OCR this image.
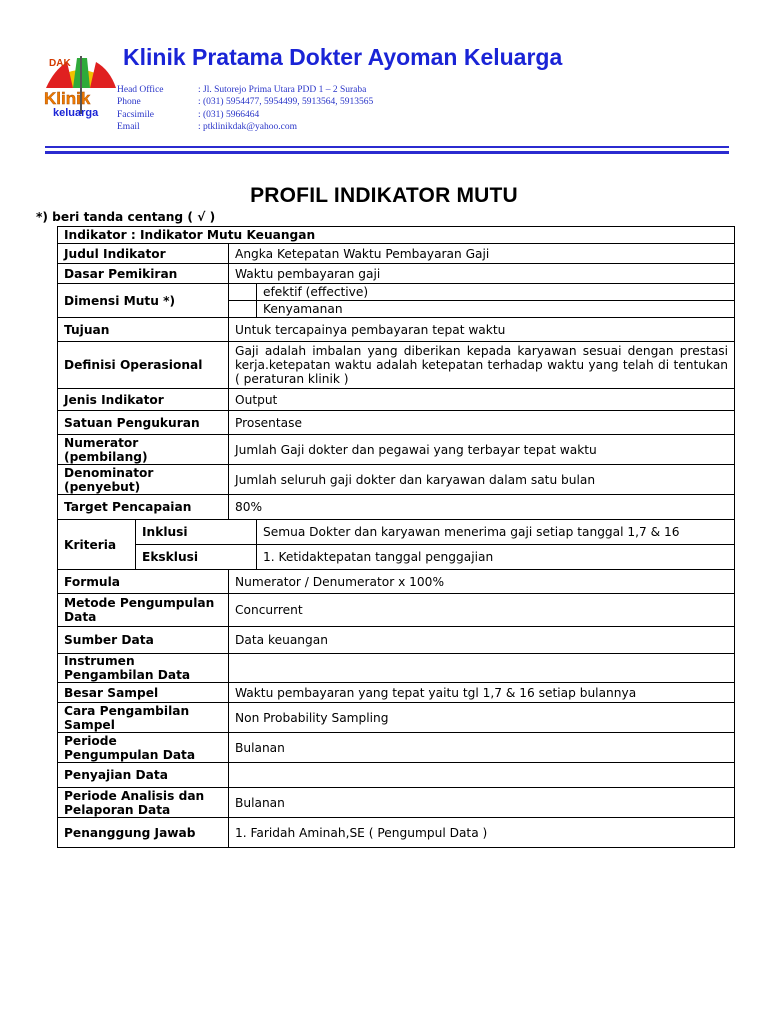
DAK
Klinik
keluarga
Klinik Pratama Dokter Ayoman Keluarga
Head Office	: Jl. Sutorejo Prima Utara PDD 1 – 2 Suraba
Phone	: (031) 5954477, 5954499, 5913564, 5913565
Facsimile	: (031) 5966464
Email	: ptklinikdak@yahoo.com
PROFIL INDIKATOR MUTU
*) beri tanda centang ( √ )
Indikator : Indikator Mutu Keuangan			
Judul Indikator		Angka Ketepatan Waktu Pembayaran Gaji	
Dasar Pemikiran		Waktu pembayaran gaji	
Dimensi Mutu *)			efektif (effective)
			Kenyamanan
Tujuan		Untuk tercapainya pembayaran tepat waktu	
Definisi Operasional		Gaji adalah imbalan yang diberikan kepada karyawan sesuai dengan prestasi kerja.ketepatan waktu adalah ketepatan terhadap waktu yang telah di tentukan ( peraturan klinik )	
Jenis Indikator		Output	
Satuan Pengukuran		Prosentase	
Numerator
(pembilang)		Jumlah Gaji dokter dan pegawai yang terbayar tepat waktu	
Denominator
(penyebut)		Jumlah seluruh gaji dokter dan karyawan dalam satu bulan	
Target Pencapaian		80%	
Kriteria	Inklusi		Semua Dokter dan karyawan menerima gaji setiap tanggal 1,7 & 16
	Eksklusi		1. Ketidaktepatan tanggal penggajian
Formula		Numerator / Denumerator x 100%	
Metode Pengumpulan
Data		Concurrent	
Sumber Data		Data keuangan	
Instrumen
Pengambilan Data			
Besar Sampel		Waktu pembayaran yang tepat yaitu tgl 1,7 & 16 setiap bulannya	
Cara Pengambilan
Sampel		Non Probability Sampling	
Periode
Pengumpulan Data		Bulanan	
Penyajian Data			
Periode Analisis dan
Pelaporan Data		Bulanan	
Penanggung Jawab		1. Faridah Aminah,SE ( Pengumpul Data )	
